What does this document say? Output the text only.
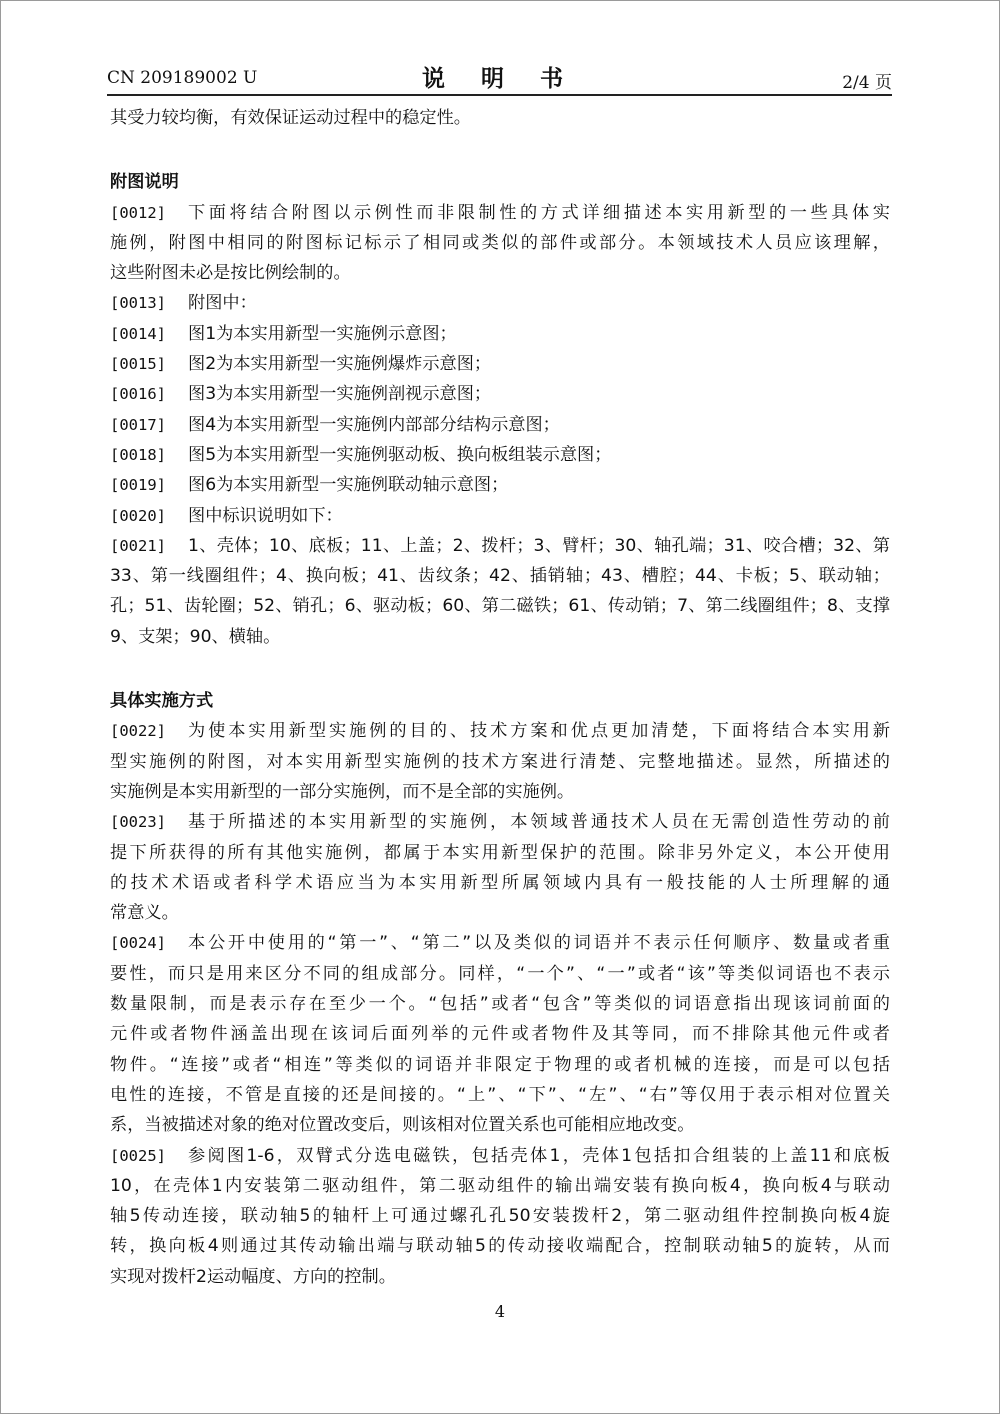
CN 209189002 U	说 明 书	2/4 页
其受力较均衡，有效保证运动过程中的稳定性。
附图说明
[0012]	下面将结合附图以示例性而非限制性的方式详细描述本实用新型的一些具体实
施例，附图中相同的附图标记标示了相同或类似的部件或部分。本领域技术人员应该理解，
这些附图未必是按比例绘制的。
[0013]	附图中：
[0014]	图1为本实用新型一实施例示意图；
[0015]	图2为本实用新型一实施例爆炸示意图；
[0016]	图3为本实用新型一实施例剖视示意图；
[0017]	图4为本实用新型一实施例内部部分结构示意图；
[0018]	图5为本实用新型一实施例驱动板、换向板组装示意图；
[0019]	图6为本实用新型一实施例联动轴示意图；
[0020]	图中标识说明如下：
[0021]	1、壳体；10、底板；11、上盖；2、拨杆；3、臂杆；30、轴孔端；31、咬合槽；32、第
33、第一线圈组件；4、换向板；41、齿纹条；42、插销轴；43、槽腔；44、卡板；5、联动轴；
孔；51、齿轮圈；52、销孔；6、驱动板；60、第二磁铁；61、传动销；7、第二线圈组件；8、支撑
9、支架；90、横轴。
具体实施方式
[0022]	为使本实用新型实施例的目的、技术方案和优点更加清楚，下面将结合本实用新
型实施例的附图，对本实用新型实施例的技术方案进行清楚、完整地描述。显然，所描述的
实施例是本实用新型的一部分实施例，而不是全部的实施例。
[0023]	基于所描述的本实用新型的实施例，本领域普通技术人员在无需创造性劳动的前
提下所获得的所有其他实施例，都属于本实用新型保护的范围。除非另外定义，本公开使用
的技术术语或者科学术语应当为本实用新型所属领域内具有一般技能的人士所理解的通
常意义。
[0024]	本公开中使用的“第一”、“第二”以及类似的词语并不表示任何顺序、数量或者重
要性，而只是用来区分不同的组成部分。同样，“一个”、“一”或者“该”等类似词语也不表示
数量限制，而是表示存在至少一个。“包括”或者“包含”等类似的词语意指出现该词前面的
元件或者物件涵盖出现在该词后面列举的元件或者物件及其等同，而不排除其他元件或者
物件。“连接”或者“相连”等类似的词语并非限定于物理的或者机械的连接，而是可以包括
电性的连接，不管是直接的还是间接的。“上”、“下”、“左”、“右”等仅用于表示相对位置关
系，当被描述对象的绝对位置改变后，则该相对位置关系也可能相应地改变。
[0025]	参阅图1-6，双臂式分选电磁铁，包括壳体1，壳体1包括扣合组装的上盖11和底板
10，在壳体1内安装第二驱动组件，第二驱动组件的输出端安装有换向板4，换向板4与联动
轴5传动连接，联动轴5的轴杆上可通过螺孔孔50安装拨杆2，第二驱动组件控制换向板4旋
转，换向板4则通过其传动输出端与联动轴5的传动接收端配合，控制联动轴5的旋转，从而
实现对拨杆2运动幅度、方向的控制。
4
